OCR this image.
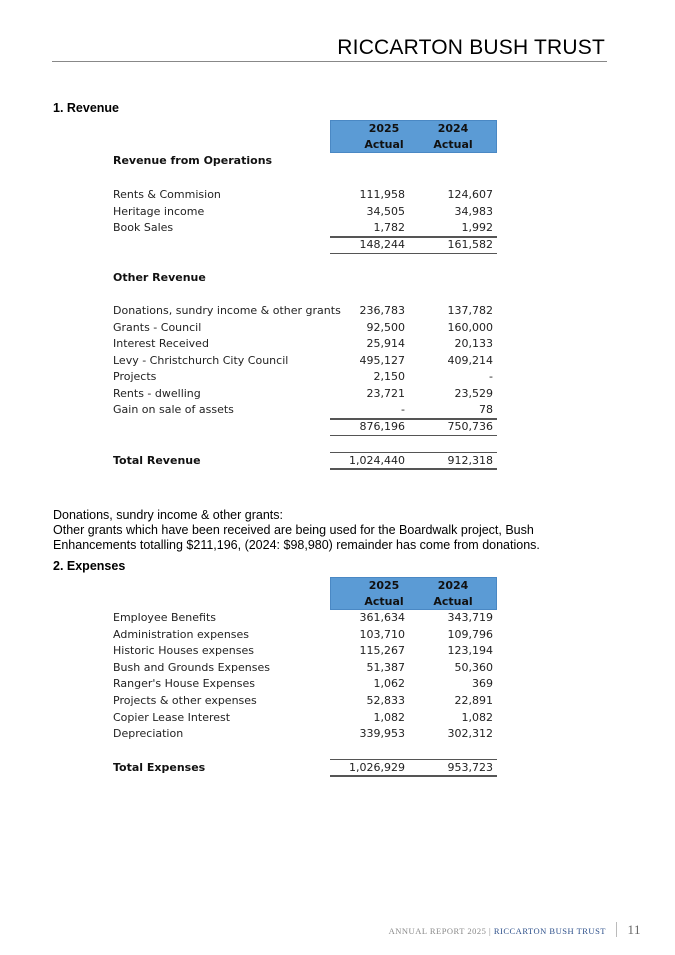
RICCARTON BUSH TRUST
1. Revenue
2025
Actual
2024
Actual
Revenue from Operations
Rents & Commision	111,958	124,607
Heritage income	34,505	34,983
Book Sales	1,782	1,992
148,244	161,582
Other Revenue
Donations, sundry income & other grants 236,783	137,782
Grants - Council	92,500	160,000
Interest Received	25,914	20,133
Levy - Christchurch City Council	495,127	409,214
Projects	2,150	-
Rents - dwelling	23,721	23,529
Gain on sale of assets	-	78
876,196	750,736
Total Revenue	1,024,440	912,318
Donations, sundry income & other grants:
Other grants which have been received are being used for the Boardwalk project, Bush Enhancements totalling $211,196, (2024: $98,980) remainder has come from donations.
2. Expenses
2025
Actual
2024
Actual
Employee Benefits	361,634	343,719
Administration expenses	103,710	109,796
Historic Houses expenses	115,267	123,194
Bush and Grounds Expenses	51,387	50,360
Ranger's House Expenses	1,062	369
Projects & other expenses	52,833	22,891
Copier Lease Interest	1,082	1,082
Depreciation	339,953	302,312
Total Expenses	1,026,929	953,723
ANNUAL REPORT 2025 | RICCARTON BUSH TRUST 11
